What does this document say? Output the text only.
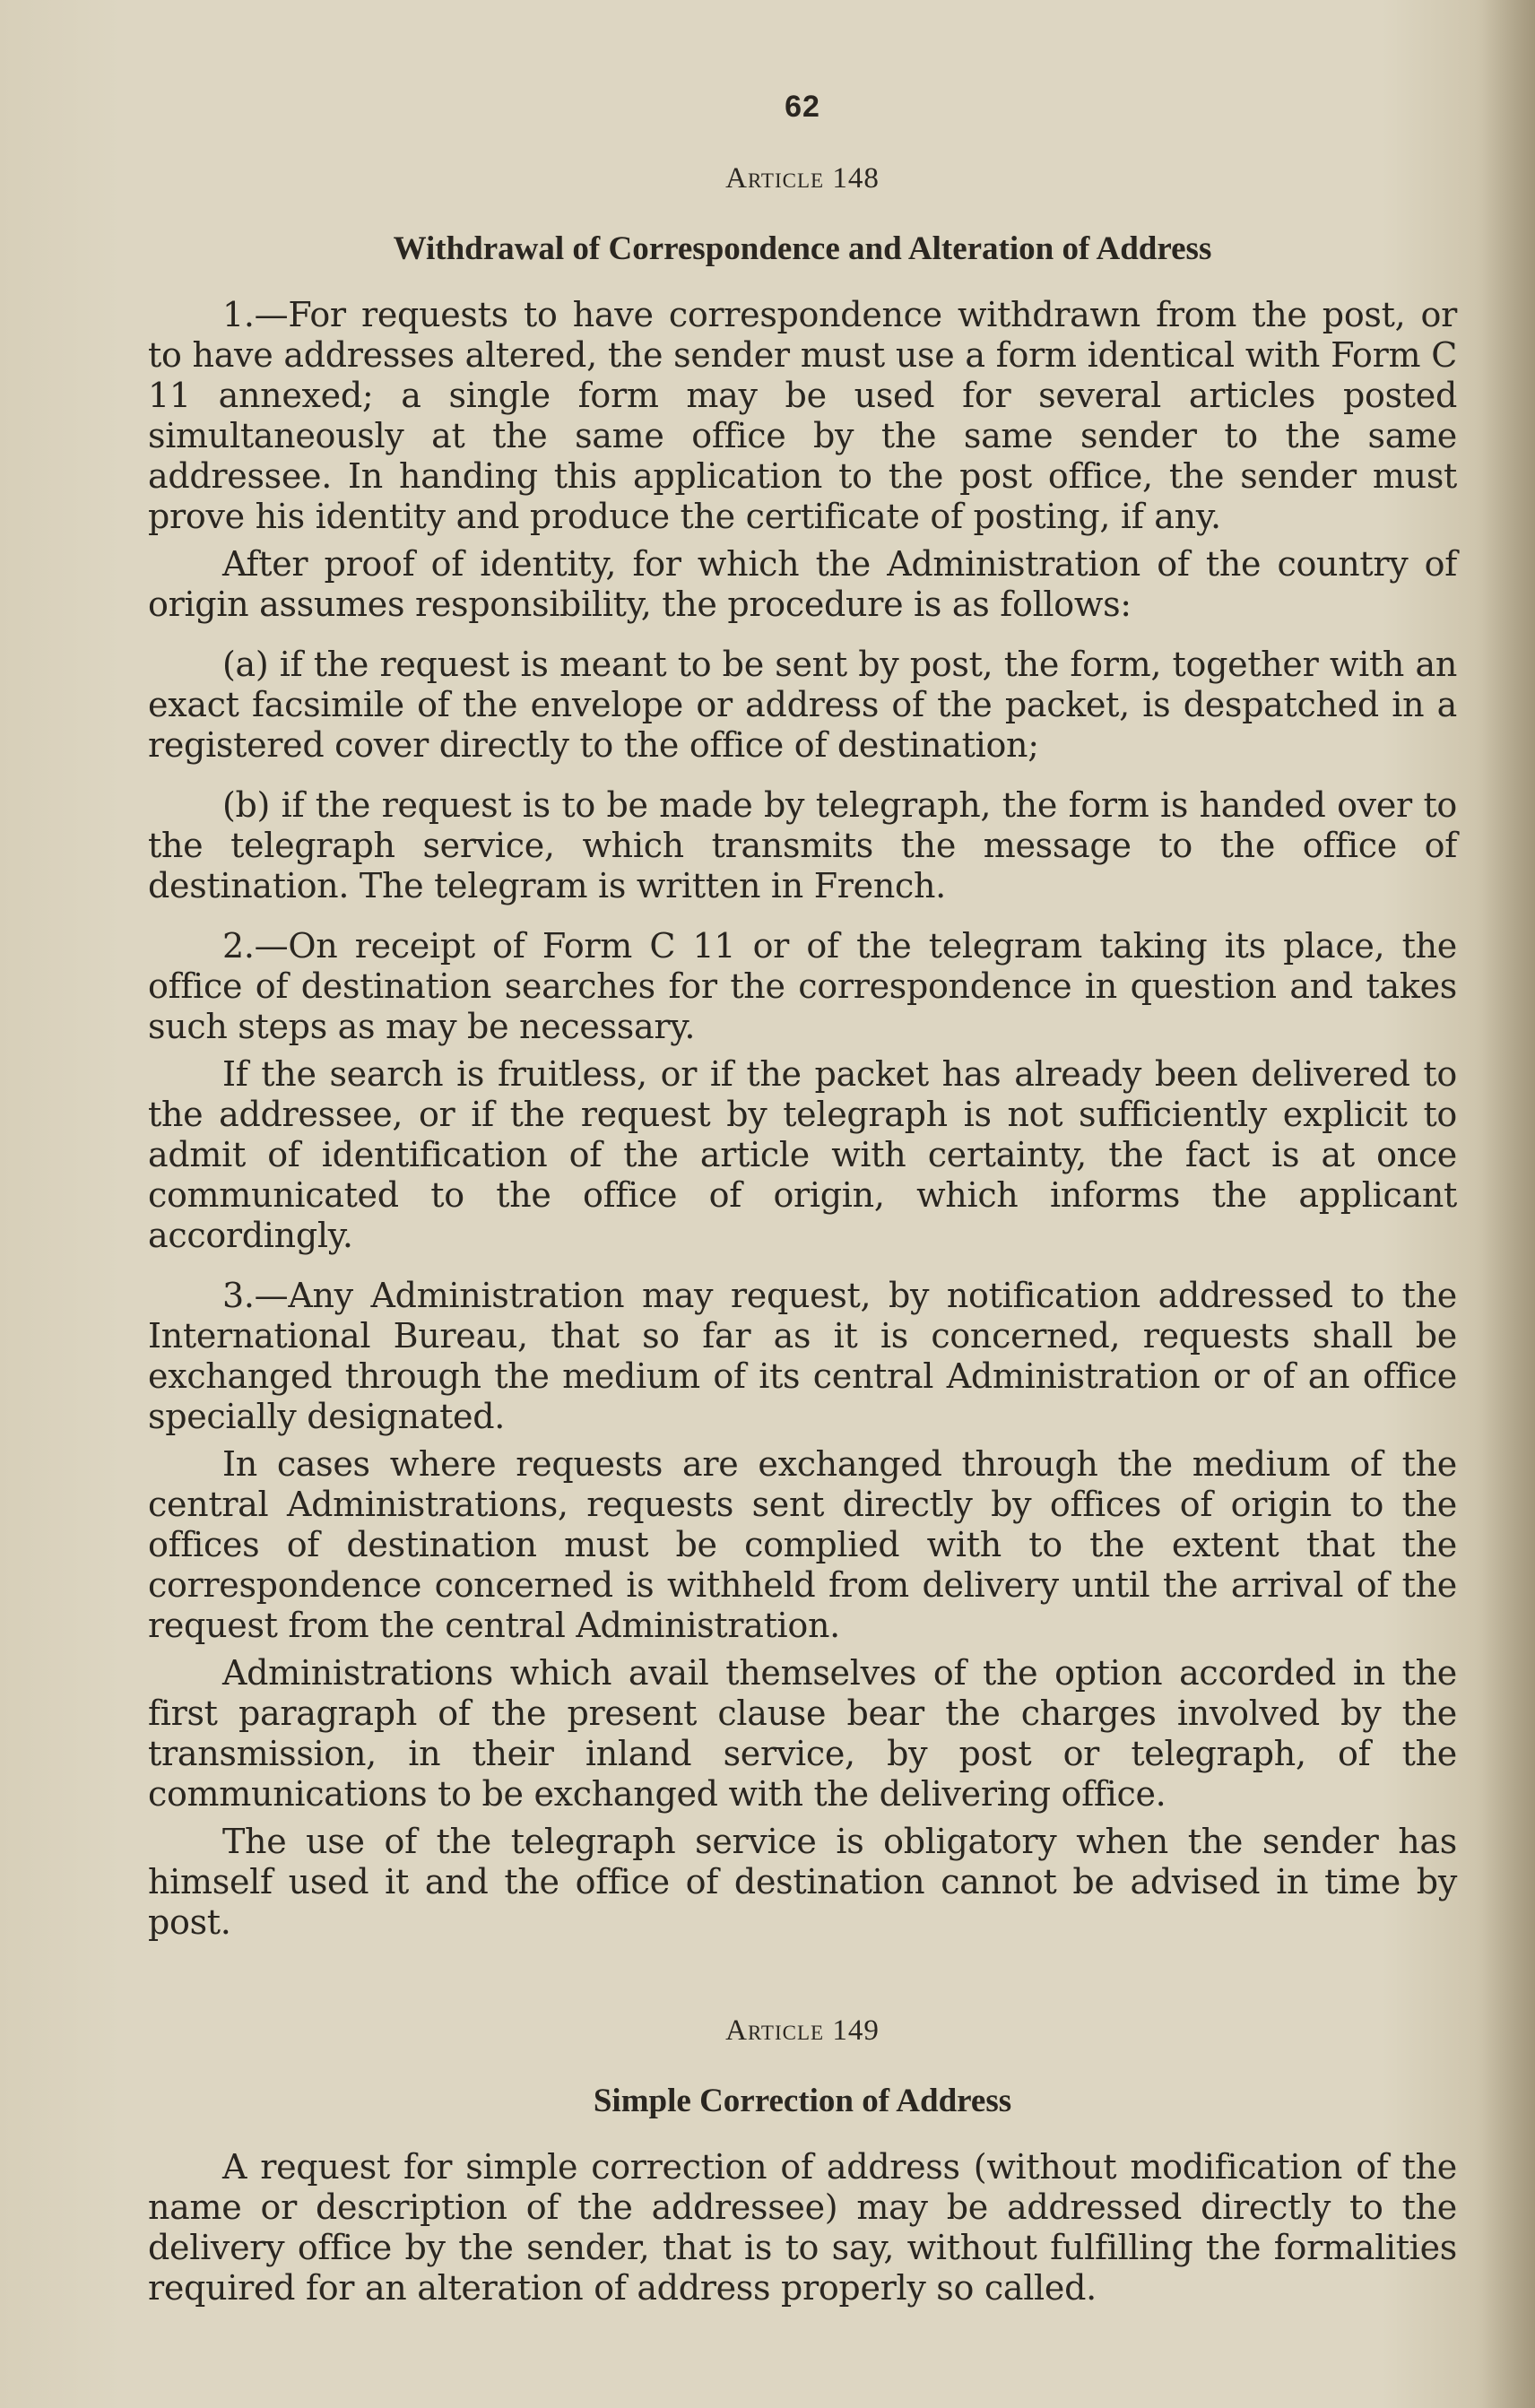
62
Article 148
Withdrawal of Correspondence and Alteration of Address

1.—For requests to have correspondence withdrawn from the post, or to have addresses altered, the sender must use a form identical with Form C 11 annexed; a single form may be used for several articles posted simultaneously at the same office by the same sender to the same addressee. In handing this application to the post office, the sender must prove his identity and produce the certificate of posting, if any.

After proof of identity, for which the Administration of the country of origin assumes responsibility, the procedure is as follows:

(a) if the request is meant to be sent by post, the form, together with an exact facsimile of the envelope or address of the packet, is despatched in a registered cover directly to the office of destination;

(b) if the request is to be made by telegraph, the form is handed over to the telegraph service, which transmits the message to the office of destination. The telegram is written in French.

2.—On receipt of Form C 11 or of the telegram taking its place, the office of destination searches for the correspondence in question and takes such steps as may be necessary.

If the search is fruitless, or if the packet has already been delivered to the addressee, or if the request by telegraph is not sufficiently explicit to admit of identification of the article with certainty, the fact is at once communicated to the office of origin, which informs the applicant accordingly.

3.—Any Administration may request, by notification addressed to the International Bureau, that so far as it is concerned, requests shall be exchanged through the medium of its central Administration or of an office specially designated.

In cases where requests are exchanged through the medium of the central Administrations, requests sent directly by offices of origin to the offices of destination must be complied with to the extent that the correspondence concerned is withheld from delivery until the arrival of the request from the central Administration.

Administrations which avail themselves of the option accorded in the first paragraph of the present clause bear the charges involved by the transmission, in their inland service, by post or telegraph, of the communications to be exchanged with the delivering office.

The use of the telegraph service is obligatory when the sender has himself used it and the office of destination cannot be advised in time by post.

Article 149
Simple Correction of Address

A request for simple correction of address (without modification of the name or description of the addressee) may be addressed directly to the delivery office by the sender, that is to say, without fulfilling the formalities required for an alteration of address properly so called.
